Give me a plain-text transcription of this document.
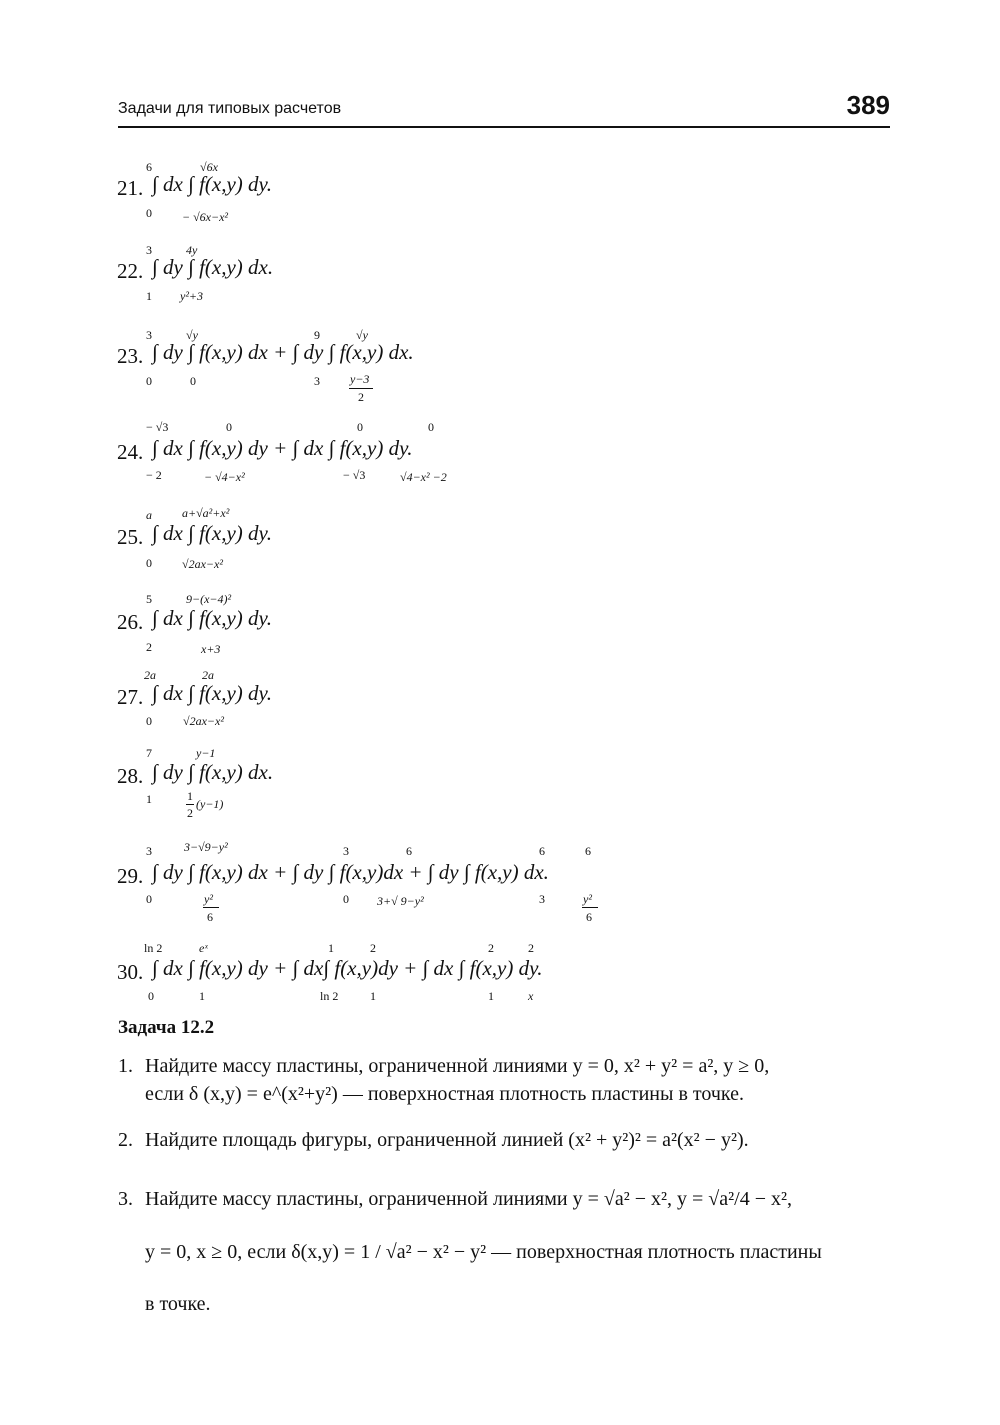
Задачи для типовых расчетов	389
21. ∫ dx ∫ f(x,y) dy.
6
0
√6x
− √6x−x²
22. ∫ dy ∫ f(x,y) dx.
3
1
4y
y²+3
23. ∫ dy ∫ f(x,y) dx + ∫ dy ∫ f(x,y) dx.
3
0
√y
0
9
3
√y
y−3
2
24. ∫ dx ∫ f(x,y) dy + ∫ dx ∫ f(x,y) dy.
− √3
− 2
0
− √4−x²
0
− √3
0
√4−x² −2
25. ∫ dx ∫ f(x,y) dy.
a
0
a+√a²+x²
√2ax−x²
26. ∫ dx ∫ f(x,y) dy.
5
2
9−(x−4)²
x+3
27. ∫ dx ∫ f(x,y) dy.
2a
0
2a
√2ax−x²
28. ∫ dy ∫ f(x,y) dx.
7
1
y−1
1
2
(y−1)
29. ∫ dy ∫ f(x,y) dx + ∫ dy ∫ f(x,y)dx + ∫ dy ∫ f(x,y) dx.
3
0
3−√9−y²
y²
6
3
0
6
3+√ 9−y²
6
3
6
y²
6
30. ∫ dx ∫ f(x,y) dy + ∫ dx∫ f(x,y)dy + ∫ dx ∫ f(x,y) dy.
ln 2
0
eˣ
1
1
ln 2
2
1
2
1
2
x
Задача 12.2
1. Найдите массу пластины, ограниченной линиями y = 0, x² + y² = a², y ≥ 0,
если δ (x,y) = e^(x²+y²) — поверхностная плотность пластины в точке.
2. Найдите площадь фигуры, ограниченной линией (x² + y²)² = a²(x² − y²).
3. Найдите массу пластины, ограниченной линиями y = √a² − x², y = √a²/4 − x²,
y = 0, x ≥ 0, если δ(x,y) = 1 / √a² − x² − y² — поверхностная плотность пластины
в точке.
